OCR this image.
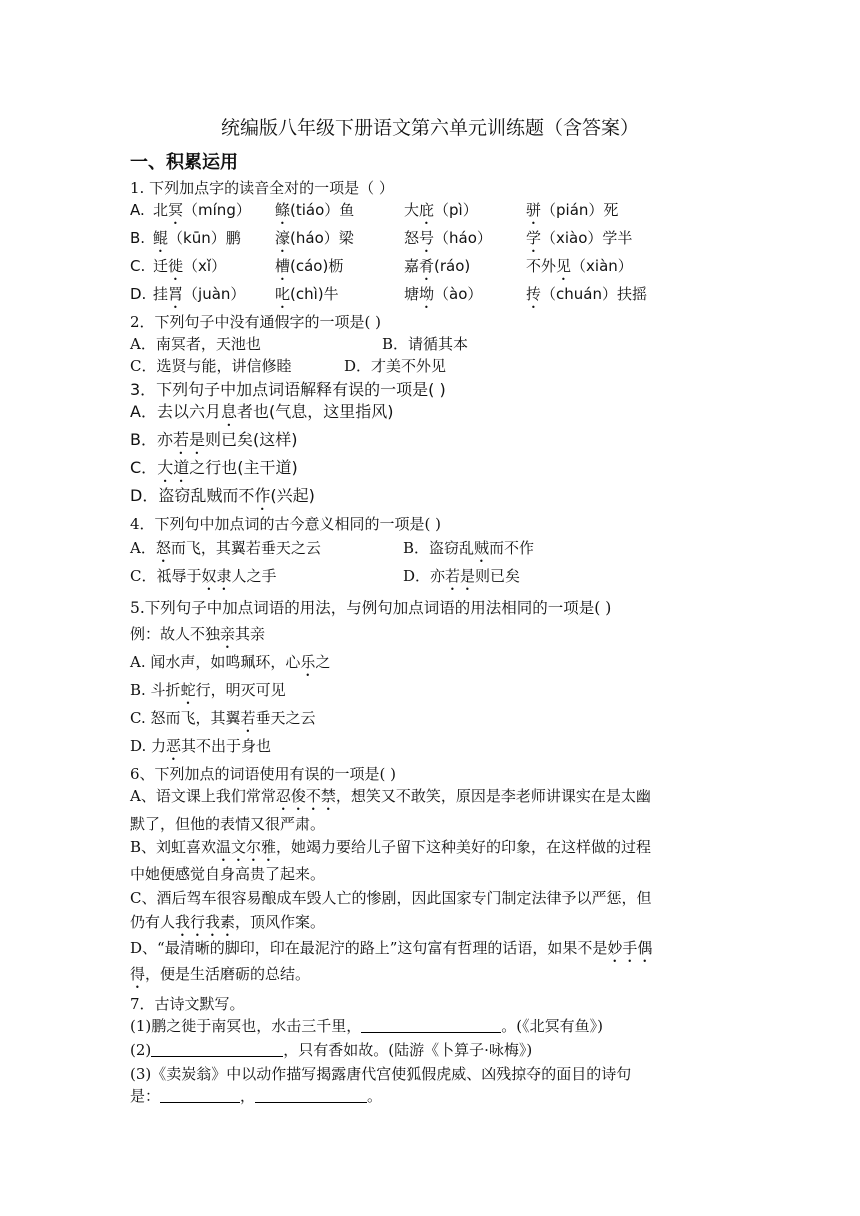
统编版八年级下册语文第六单元训练题（含答案）
一、积累运用
1. 下列加点字的读音全对的一项是（ ）
A. 北冥（míng） 鲦(tiáo）鱼	大庇（pì）	骈（pián）死
B. 鲲（kūn）鹏 濠(háo）梁	怒号（háo） 学（xiào）学半
C. 迁徙（xǐ）	槽(cáo)枥	嘉肴(ráo)	不外见（xiàn）
D. 挂罥（juàn） 叱(chì)牛	塘坳（ào）	抟（chuán）扶摇
2．下列句子中没有通假字的一项是( )
A．南冥者，天池也	B．请循其本
C．选贤与能，讲信修睦	D．才美不外见
3．下列句子中加点词语解释有误的一项是( )
A．去以六月息者也(气息，这里指风)
B．亦若是则已矣(这样)
C．大道之行也(主干道)
D．盗窃乱贼而不作(兴起)
4．下列句中加点词的古今意义相同的一项是( )
A．怒而飞，其翼若垂天之云	B．盗窃乱贼而不作
C．祗辱于奴隶人之手	D．亦若是则已矣
5.下列句子中加点词语的用法，与例句加点词语的用法相同的一项是( )
例：故人不独亲其亲
A. 闻水声，如鸣珮环，心乐之
B. 斗折蛇行，明灭可见
C. 怒而飞，其翼若垂天之云
D. 力恶其不出于身也
6、下列加点的词语使用有误的一项是( )
A、语文课上我们常常忍俊不禁，想笑又不敢笑，原因是李老师讲课实在是太幽
默了，但他的表情又很严肃。
B、刘虹喜欢温文尔雅，她竭力要给儿子留下这种美好的印象，在这样做的过程
中她便感觉自身高贵了起来。
C、酒后驾车很容易酿成车毁人亡的惨剧，因此国家专门制定法律予以严惩，但
仍有人我行我素，顶风作案。
D、“最清晰的脚印，印在最泥泞的路上”这句富有哲理的话语，如果不是妙手偶
得，便是生活磨砺的总结。
7．古诗文默写。
(1)鹏之徙于南冥也，水击三千里，	。(《北冥有鱼》)
(2)	，只有香如故。(陆游《卜算子·咏梅》)
(3)《卖炭翁》中以动作描写揭露唐代宫使狐假虎威、凶残掠夺的面目的诗句
是：	，	。
